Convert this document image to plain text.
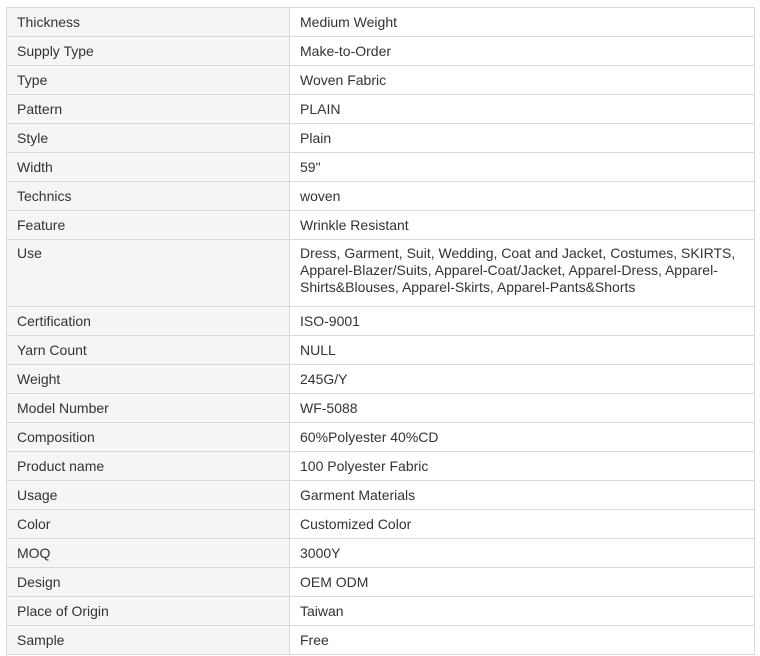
Thickness	Medium Weight
Supply Type	Make-to-Order
Type	Woven Fabric
Pattern	PLAIN
Style	Plain
Width	59"
Technics	woven
Feature	Wrinkle Resistant
Use	Dress, Garment, Suit, Wedding, Coat and Jacket, Costumes, SKIRTS, Apparel-Blazer/Suits, Apparel-Coat/Jacket, Apparel-Dress, Apparel-Shirts&Blouses, Apparel-Skirts, Apparel-Pants&Shorts
Certification	ISO-9001
Yarn Count	NULL
Weight	245G/Y
Model Number	WF-5088
Composition	60%Polyester 40%CD
Product name	100 Polyester Fabric
Usage	Garment Materials
Color	Customized Color
MOQ	3000Y
Design	OEM ODM
Place of Origin	Taiwan
Sample	Free
